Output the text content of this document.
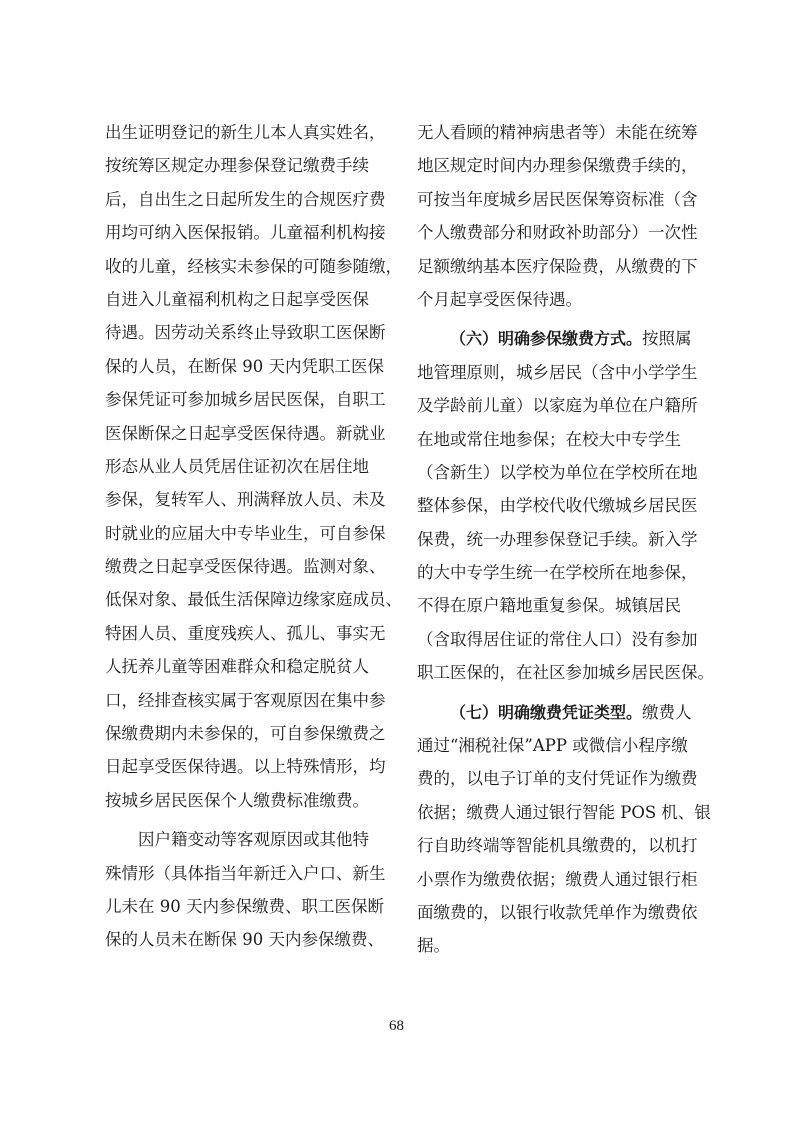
出生证明登记的新生儿本人真实姓名，
按统筹区规定办理参保登记缴费手续
后，自出生之日起所发生的合规医疗费
用均可纳入医保报销。儿童福利机构接
收的儿童，经核实未参保的可随参随缴，
自进入儿童福利机构之日起享受医保
待遇。因劳动关系终止导致职工医保断
保的人员，在断保 90 天内凭职工医保
参保凭证可参加城乡居民医保，自职工
医保断保之日起享受医保待遇。新就业
形态从业人员凭居住证初次在居住地
参保，复转军人、刑满释放人员、未及
时就业的应届大中专毕业生，可自参保
缴费之日起享受医保待遇。监测对象、
低保对象、最低生活保障边缘家庭成员、
特困人员、重度残疾人、孤儿、事实无
人抚养儿童等困难群众和稳定脱贫人
口，经排查核实属于客观原因在集中参
保缴费期内未参保的，可自参保缴费之
日起享受医保待遇。以上特殊情形，均
按城乡居民医保个人缴费标准缴费。
因户籍变动等客观原因或其他特
殊情形（具体指当年新迁入户口、新生
儿未在 90 天内参保缴费、职工医保断
保的人员未在断保 90 天内参保缴费、
无人看顾的精神病患者等）未能在统筹
地区规定时间内办理参保缴费手续的，
可按当年度城乡居民医保筹资标准（含
个人缴费部分和财政补助部分）一次性
足额缴纳基本医疗保险费，从缴费的下
个月起享受医保待遇。
（六）明确参保缴费方式。按照属
地管理原则，城乡居民（含中小学学生
及学龄前儿童）以家庭为单位在户籍所
在地或常住地参保；在校大中专学生
（含新生）以学校为单位在学校所在地
整体参保，由学校代收代缴城乡居民医
保费，统一办理参保登记手续。新入学
的大中专学生统一在学校所在地参保，
不得在原户籍地重复参保。城镇居民
（含取得居住证的常住人口）没有参加
职工医保的，在社区参加城乡居民医保。
（七）明确缴费凭证类型。缴费人
通过“湘税社保”APP 或微信小程序缴
费的，以电子订单的支付凭证作为缴费
依据；缴费人通过银行智能 POS 机、银
行自助终端等智能机具缴费的，以机打
小票作为缴费依据；缴费人通过银行柜
面缴费的，以银行收款凭单作为缴费依
据。
68
